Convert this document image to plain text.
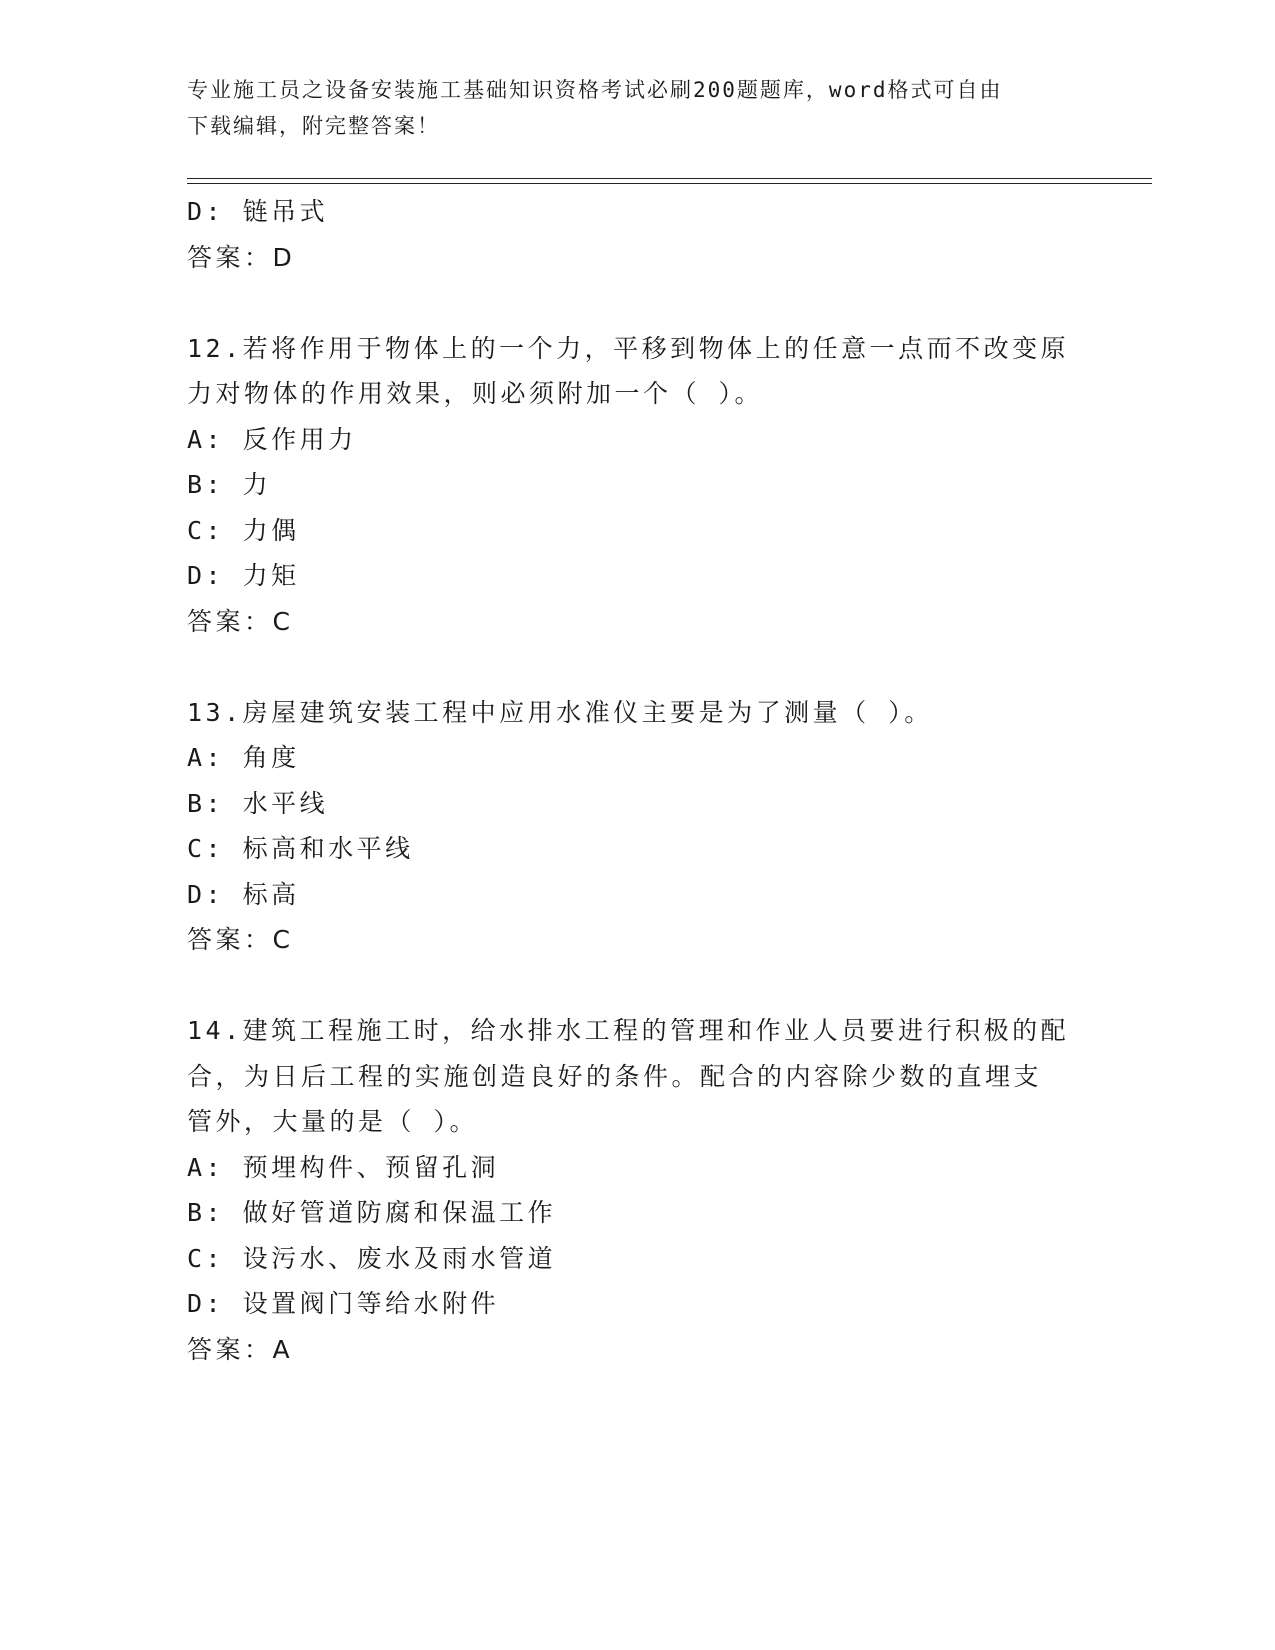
专业施工员之设备安装施工基础知识资格考试必刷200题题库，word格式可自由
下载编辑，附完整答案！
D: 链吊式
答案：D
12.若将作用于物体上的一个力，平移到物体上的任意一点而不改变原
力对物体的作用效果，则必须附加一个（ ）。
A: 反作用力
B: 力
C: 力偶
D: 力矩
答案：C
13.房屋建筑安装工程中应用水准仪主要是为了测量（ ）。
A: 角度
B: 水平线
C: 标高和水平线
D: 标高
答案：C
14.建筑工程施工时，给水排水工程的管理和作业人员要进行积极的配
合，为日后工程的实施创造良好的条件。配合的内容除少数的直埋支
管外，大量的是（ ）。
A: 预埋构件、预留孔洞
B: 做好管道防腐和保温工作
C: 设污水、废水及雨水管道
D: 设置阀门等给水附件
答案：A
